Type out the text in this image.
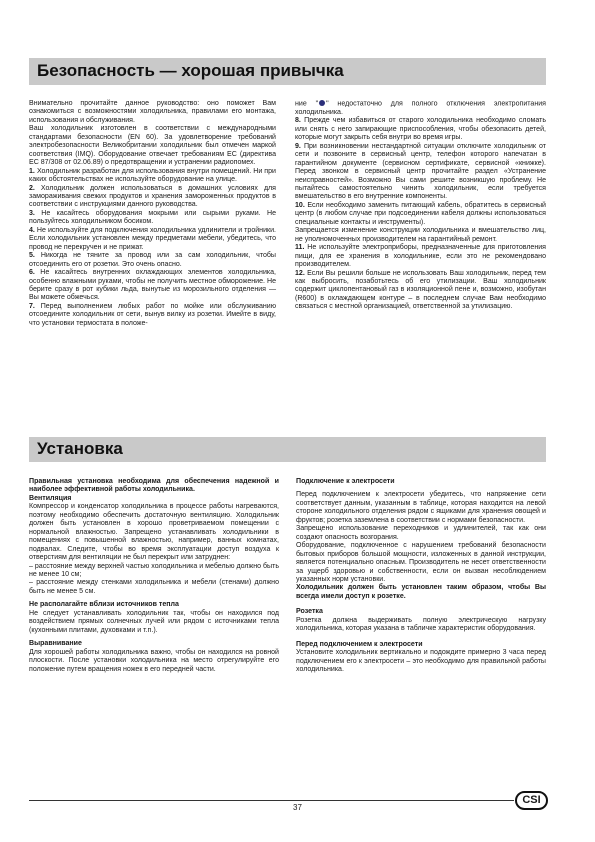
Безопасность — хорошая привычка

Внимательно прочитайте данное руководство: оно поможет Вам ознакомиться с возможностями холодильника, правилами его монтажа, использования и обслуживания.

Ваш холодильник изготовлен в соответствии с международными стандартами безопасности (EN 60). За удовлетворение требований электробезопасности Великобритании холодильник был отмечен маркой соответствия (IMQ). Оборудование отвечает требованиям ЕС (директива ЕС 87/308 от 02.06.89) о предотвращении и устранении радиопомех.

1. Холодильник разработан для использования внутри помещений. Ни при каких обстоятельствах не используйте оборудование на улице.

2. Холодильник должен использоваться в домашних условиях для замораживания свежих продуктов и хранения замороженных продуктов в соответствии с инструкциями данного руководства.

3. Не касайтесь оборудования мокрыми или сырыми руками. Не пользуйтесь холодильником босиком.

4. Не используйте для подключения холодильника удлинители и тройники. Если холодильник установлен между предметами мебели, убедитесь, что провод не перекручен и не прижат.

5. Никогда не тяните за провод или за сам холодильник, чтобы отсоединить его от розетки. Это очень опасно.

6. Не касайтесь внутренних охлаждающих элементов холодильника, особенно влажными руками, чтобы не получить местное обморожение. Не берите сразу в рот кубики льда, вынутые из морозильного отделения — Вы можете обжечься.

7. Перед выполнением любых работ по мойке или обслуживанию отсоедините холодильник от сети, вынув вилку из розетки. Имейте в виду, что установки термостата в положе-

ние " " недостаточно для полного отключения электропитания холодильника.

8. Прежде чем избавиться от старого холодильника необходимо сломать или снять с него запирающие приспособления, чтобы обезопасить детей, которые могут закрыть себя внутри во время игры.

9. При возникновении нестандартной ситуации отключите холодильник от сети и позвоните в сервисный центр, телефон которого напечатан в гарантийном документе (сервисном сертификате, сервисной «книжке). Перед звонком в сервисный центр прочитайте раздел «Устранение неисправностей». Возможно Вы сами решите возникшую проблему. Не пытайтесь самостоятельно чинить холодильник, если требуется вмешательство в его внутренние компоненты.

10. Если необходимо заменить питающий кабель, обратитесь в сервисный центр (в любом случае при подсоединении кабеля должны использоваться специальные контакты и инструменты).

Запрещается изменение конструкции холодильника и вмешательство лиц, не уполномоченных производителем на гарантийный ремонт.

11. Не используйте электроприборы, предназначенные для приготовления пищи, для ее хранения в холодильнике, если это не рекомендовано производителем.

12. Если Вы решили больше не использовать Ваш холодильник, перед тем как выбросить, позаботьтесь об его утилизации. Ваш холодильник содержит циклопентановый газ в изоляционной пене и, возможно, изобутан (R600) в охлаждающем контуре – в последнем случае Вам необходимо связаться с местной организацией, ответственной за утилизацию.

Установка

Правильная установка необходима для обеспечения надежной и наиболее эффективной работы холодильника.

Вентиляция

Компрессор и конденсатор холодильника в процессе работы нагреваются, поэтому необходимо обеспечить достаточную вентиляцию. Холодильник должен быть установлен в хорошо проветриваемом помещении с нормальной влажностью. Запрещено устанавливать холодильники в помещениях с повышенной влажностью, например, ванных комнатах, подвалах. Следите, чтобы во время эксплуатации доступ воздуха к отверстиям для вентиляции не был перекрыт или затруднен:

– расстояние между верхней частью холодильника и мебелью должно быть не менее 10 см;

– расстояние между стенками холодильника и мебели (стенами) должно быть не менее 5 см.

Не располагайте вблизи источников тепла

Не следует устанавливать холодильник так, чтобы он находился под воздействием прямых солнечных лучей или рядом с источниками тепла (кухонными плитами, духовками и т.п.).

Выравнивание

Для хорошей работы холодильника важно, чтобы он находился на ровной плоскости. После установки холодильника на место отрегулируйте его положение путем вращения ножек в его передней части.

Подключение к электросети

Перед подключением к электросети убедитесь, что напряжение сети соответствует данным, указанным в таблице, которая находится на левой стороне холодильного отделения рядом с ящиками для хранения овощей и фруктов; розетка заземлена в соответствии с нормами безопасности.

Запрещено использование переходников и удлинителей, так как они создают опасность возгорания.

Оборудование, подключенное с нарушением требований безопасности бытовых приборов большой мощности, изложенных в данной инструкции, является потенциально опасным. Производитель не несет ответственности за ущерб здоровью и собственности, если он вызван несоблюдением указанных норм установки.

Холодильник должен быть установлен таким образом, чтобы Вы всегда имели доступ к розетке.

Розетка

Розетка должна выдерживать полную электрическую нагрузку холодильника, которая указана в табличке характеристик оборудования.

Перед подключением к электросети

Установите холодильник вертикально и подождите примерно 3 часа перед подключением его к электросети – это необходимо для правильной работы холодильника.

37
CSI
